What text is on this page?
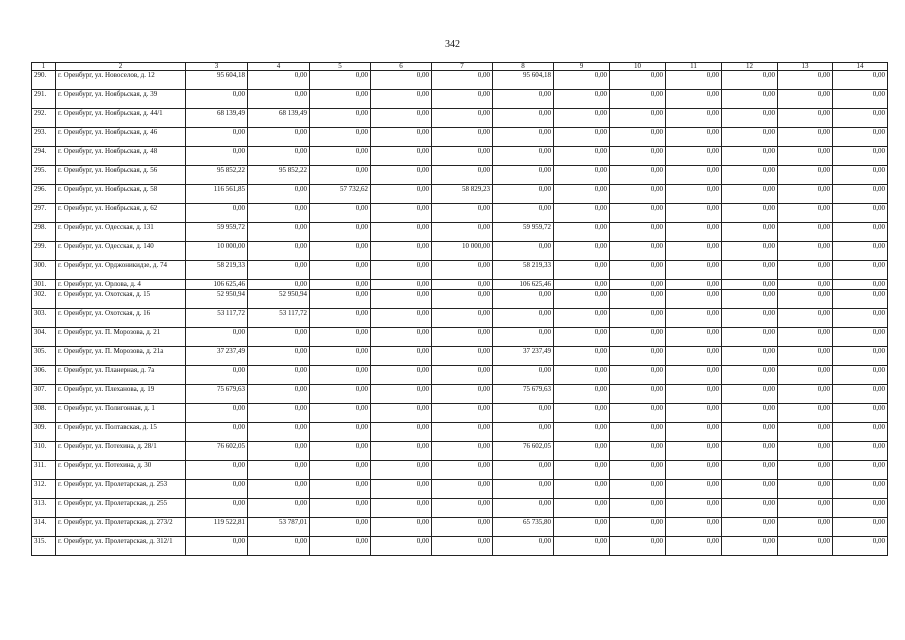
342
1	2	3	4	5	6	7	8	9	10	11	12	13	14
290.	г. Оренбург, ул. Новоселов, д. 12	95 604,18	0,00	0,00	0,00	0,00	95 604,18	0,00	0,00	0,00	0,00	0,00	0,00
291.	г. Оренбург, ул. Ноябрьская, д. 39	0,00	0,00	0,00	0,00	0,00	0,00	0,00	0,00	0,00	0,00	0,00	0,00
292.	г. Оренбург, ул. Ноябрьская, д. 44/1	68 139,49	68 139,49	0,00	0,00	0,00	0,00	0,00	0,00	0,00	0,00	0,00	0,00
293.	г. Оренбург, ул. Ноябрьская, д. 46	0,00	0,00	0,00	0,00	0,00	0,00	0,00	0,00	0,00	0,00	0,00	0,00
294.	г. Оренбург, ул. Ноябрьская, д. 48	0,00	0,00	0,00	0,00	0,00	0,00	0,00	0,00	0,00	0,00	0,00	0,00
295.	г. Оренбург, ул. Ноябрьская, д. 56	95 852,22	95 852,22	0,00	0,00	0,00	0,00	0,00	0,00	0,00	0,00	0,00	0,00
296.	г. Оренбург, ул. Ноябрьская, д. 58	116 561,85	0,00	57 732,62	0,00	58 829,23	0,00	0,00	0,00	0,00	0,00	0,00	0,00
297.	г. Оренбург, ул. Ноябрьская, д. 62	0,00	0,00	0,00	0,00	0,00	0,00	0,00	0,00	0,00	0,00	0,00	0,00
298.	г. Оренбург, ул. Одесская, д. 131	59 959,72	0,00	0,00	0,00	0,00	59 959,72	0,00	0,00	0,00	0,00	0,00	0,00
299.	г. Оренбург, ул. Одесская, д. 140	10 000,00	0,00	0,00	0,00	10 000,00	0,00	0,00	0,00	0,00	0,00	0,00	0,00
300.	г. Оренбург, ул. Орджоникидзе, д. 74	58 219,33	0,00	0,00	0,00	0,00	58 219,33	0,00	0,00	0,00	0,00	0,00	0,00
301.	г. Оренбург, ул. Орлова, д. 4	106 625,46	0,00	0,00	0,00	0,00	106 625,46	0,00	0,00	0,00	0,00	0,00	0,00
302.	г. Оренбург, ул. Охотская, д. 15	52 950,94	52 950,94	0,00	0,00	0,00	0,00	0,00	0,00	0,00	0,00	0,00	0,00
303.	г. Оренбург, ул. Охотская, д. 16	53 117,72	53 117,72	0,00	0,00	0,00	0,00	0,00	0,00	0,00	0,00	0,00	0,00
304.	г. Оренбург, ул. П. Морозова, д. 21	0,00	0,00	0,00	0,00	0,00	0,00	0,00	0,00	0,00	0,00	0,00	0,00
305.	г. Оренбург, ул. П. Морозова, д. 21а	37 237,49	0,00	0,00	0,00	0,00	37 237,49	0,00	0,00	0,00	0,00	0,00	0,00
306.	г. Оренбург, ул. Планерная, д. 7а	0,00	0,00	0,00	0,00	0,00	0,00	0,00	0,00	0,00	0,00	0,00	0,00
307.	г. Оренбург, ул. Плеханова, д. 19	75 679,63	0,00	0,00	0,00	0,00	75 679,63	0,00	0,00	0,00	0,00	0,00	0,00
308.	г. Оренбург, ул. Полигонная, д. 1	0,00	0,00	0,00	0,00	0,00	0,00	0,00	0,00	0,00	0,00	0,00	0,00
309.	г. Оренбург, ул. Полтавская, д. 15	0,00	0,00	0,00	0,00	0,00	0,00	0,00	0,00	0,00	0,00	0,00	0,00
310.	г. Оренбург, ул. Потехина, д. 28/1	76 602,05	0,00	0,00	0,00	0,00	76 602,05	0,00	0,00	0,00	0,00	0,00	0,00
311.	г. Оренбург, ул. Потехина, д. 30	0,00	0,00	0,00	0,00	0,00	0,00	0,00	0,00	0,00	0,00	0,00	0,00
312.	г. Оренбург, ул. Пролетарская, д. 253	0,00	0,00	0,00	0,00	0,00	0,00	0,00	0,00	0,00	0,00	0,00	0,00
313.	г. Оренбург, ул. Пролетарская, д. 255	0,00	0,00	0,00	0,00	0,00	0,00	0,00	0,00	0,00	0,00	0,00	0,00
314.	г. Оренбург, ул. Пролетарская, д. 273/2	119 522,81	53 787,01	0,00	0,00	0,00	65 735,80	0,00	0,00	0,00	0,00	0,00	0,00
315.	г. Оренбург, ул. Пролетарская, д. 312/1	0,00	0,00	0,00	0,00	0,00	0,00	0,00	0,00	0,00	0,00	0,00	0,00
